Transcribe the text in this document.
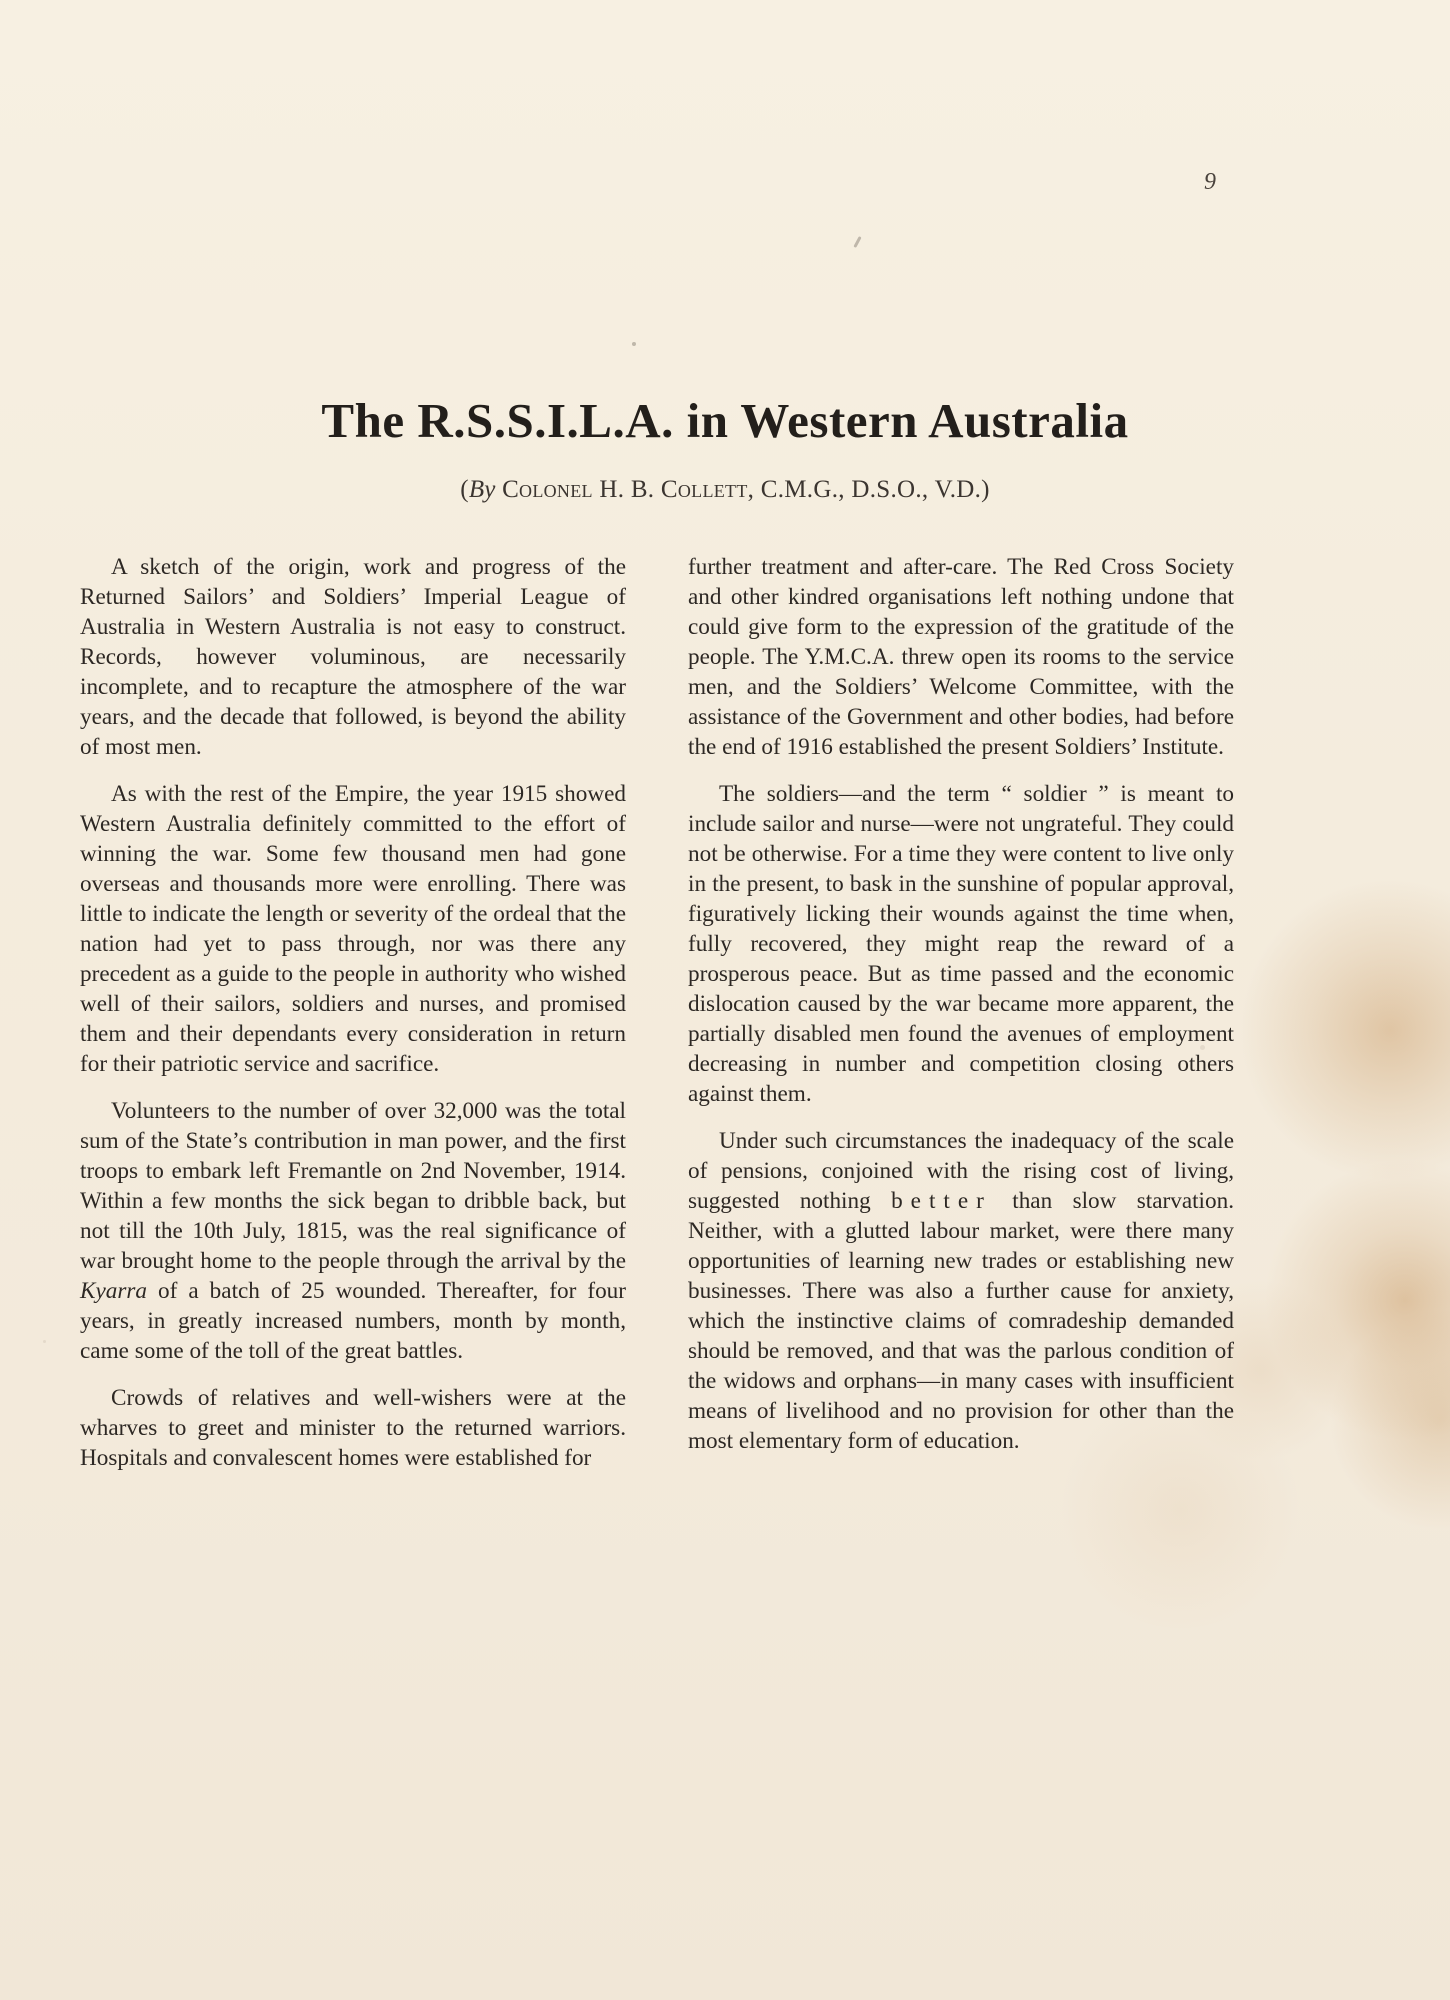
9
The R.S.S.I.L.A. in Western Australia
(By Colonel H. B. Collett, C.M.G., D.S.O., V.D.)

A sketch of the origin, work and progress of the Returned Sailors’ and Soldiers’ Imperial League of Australia in Western Australia is not easy to construct. Records, however voluminous, are necessarily incomplete, and to recapture the atmosphere of the war years, and the decade that followed, is beyond the ability of most men.

As with the rest of the Empire, the year 1915 showed Western Australia definitely committed to the effort of winning the war. Some few thousand men had gone overseas and thousands more were enrolling. There was little to indicate the length or severity of the ordeal that the nation had yet to pass through, nor was there any precedent as a guide to the people in authority who wished well of their sailors, soldiers and nurses, and promised them and their dependants every consideration in return for their patriotic service and sacrifice.

Volunteers to the number of over 32,000 was the total sum of the State’s contribution in man power, and the first troops to embark left Fremantle on 2nd November, 1914. Within a few months the sick began to dribble back, but not till the 10th July, 1815, was the real significance of war brought home to the people through the arrival by the Kyarra of a batch of 25 wounded. Thereafter, for four years, in greatly increased numbers, month by month, came some of the toll of the great battles.

Crowds of relatives and well-wishers were at the wharves to greet and minister to the returned warriors. Hospitals and convalescent homes were established for

further treatment and after-care. The Red Cross Society and other kindred organisations left nothing undone that could give form to the expression of the gratitude of the people. The Y.M.C.A. threw open its rooms to the service men, and the Soldiers’ Welcome Committee, with the assistance of the Government and other bodies, had before the end of 1916 established the present Soldiers’ Institute.

The soldiers—and the term “ soldier ” is meant to include sailor and nurse—were not ungrateful. They could not be otherwise. For a time they were content to live only in the present, to bask in the sunshine of popular approval, figuratively licking their wounds against the time when, fully recovered, they might reap the reward of a prosperous peace. But as time passed and the economic dislocation caused by the war became more apparent, the partially disabled men found the avenues of employment decreasing in number and competition closing others against them.

Under such circumstances the inadequacy of the scale of pensions, conjoined with the rising cost of living, suggested nothing better than slow starvation. Neither, with a glutted labour market, were there many opportunities of learning new trades or establishing new businesses. There was also a further cause for anxiety, which the instinctive claims of comradeship demanded should be removed, and that was the parlous condition of the widows and orphans—in many cases with insufficient means of livelihood and no provision for other than the most elementary form of education.
